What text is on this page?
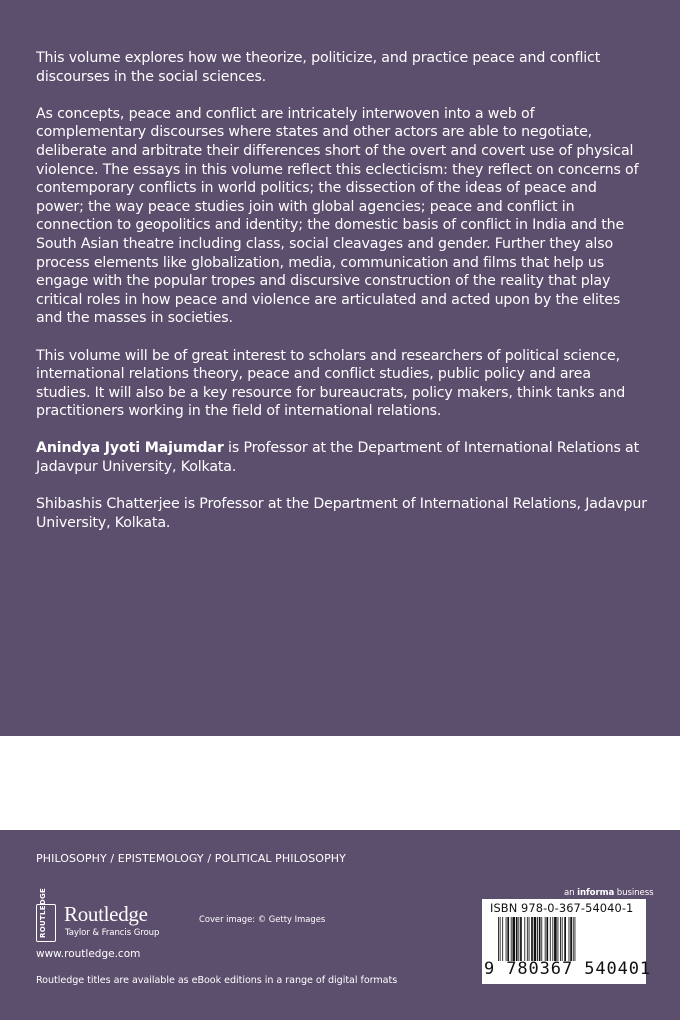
This volume explores how we theorize, politicize, and practice peace and conflict discourses in the social sciences.

As concepts, peace and conflict are intricately interwoven into a web of complementary discourses where states and other actors are able to negotiate, deliberate and arbitrate their differences short of the overt and covert use of physical violence. The essays in this volume reflect this eclecticism: they reflect on concerns of contemporary conflicts in world politics; the dissection of the ideas of peace and power; the way peace studies join with global agencies; peace and conflict in connection to geopolitics and identity; the domestic basis of conflict in India and the South Asian theatre including class, social cleavages and gender. Further they also process elements like globalization, media, communication and films that help us engage with the popular tropes and discursive construction of the reality that play critical roles in how peace and violence are articulated and acted upon by the elites and the masses in societies.

This volume will be of great interest to scholars and researchers of political science, international relations theory, peace and conflict studies, public policy and area studies. It will also be a key resource for bureaucrats, policy makers, think tanks and practitioners working in the field of international relations.

Anindya Jyoti Majumdar is Professor at the Department of International Relations at Jadavpur University, Kolkata.

Shibashis Chatterjee is Professor at the Department of International Relations, Jadavpur University, Kolkata.

PHILOSOPHY / EPISTEMOLOGY / POLITICAL PHILOSOPHY
ROUTLEDGE Routledge
Taylor & Francis Group
www.routledge.com
Cover image: © Getty Images
Routledge titles are available as eBook editions in a range of digital formats
an informa business
ISBN 978-0-367-54040-1
9 780367 540401
